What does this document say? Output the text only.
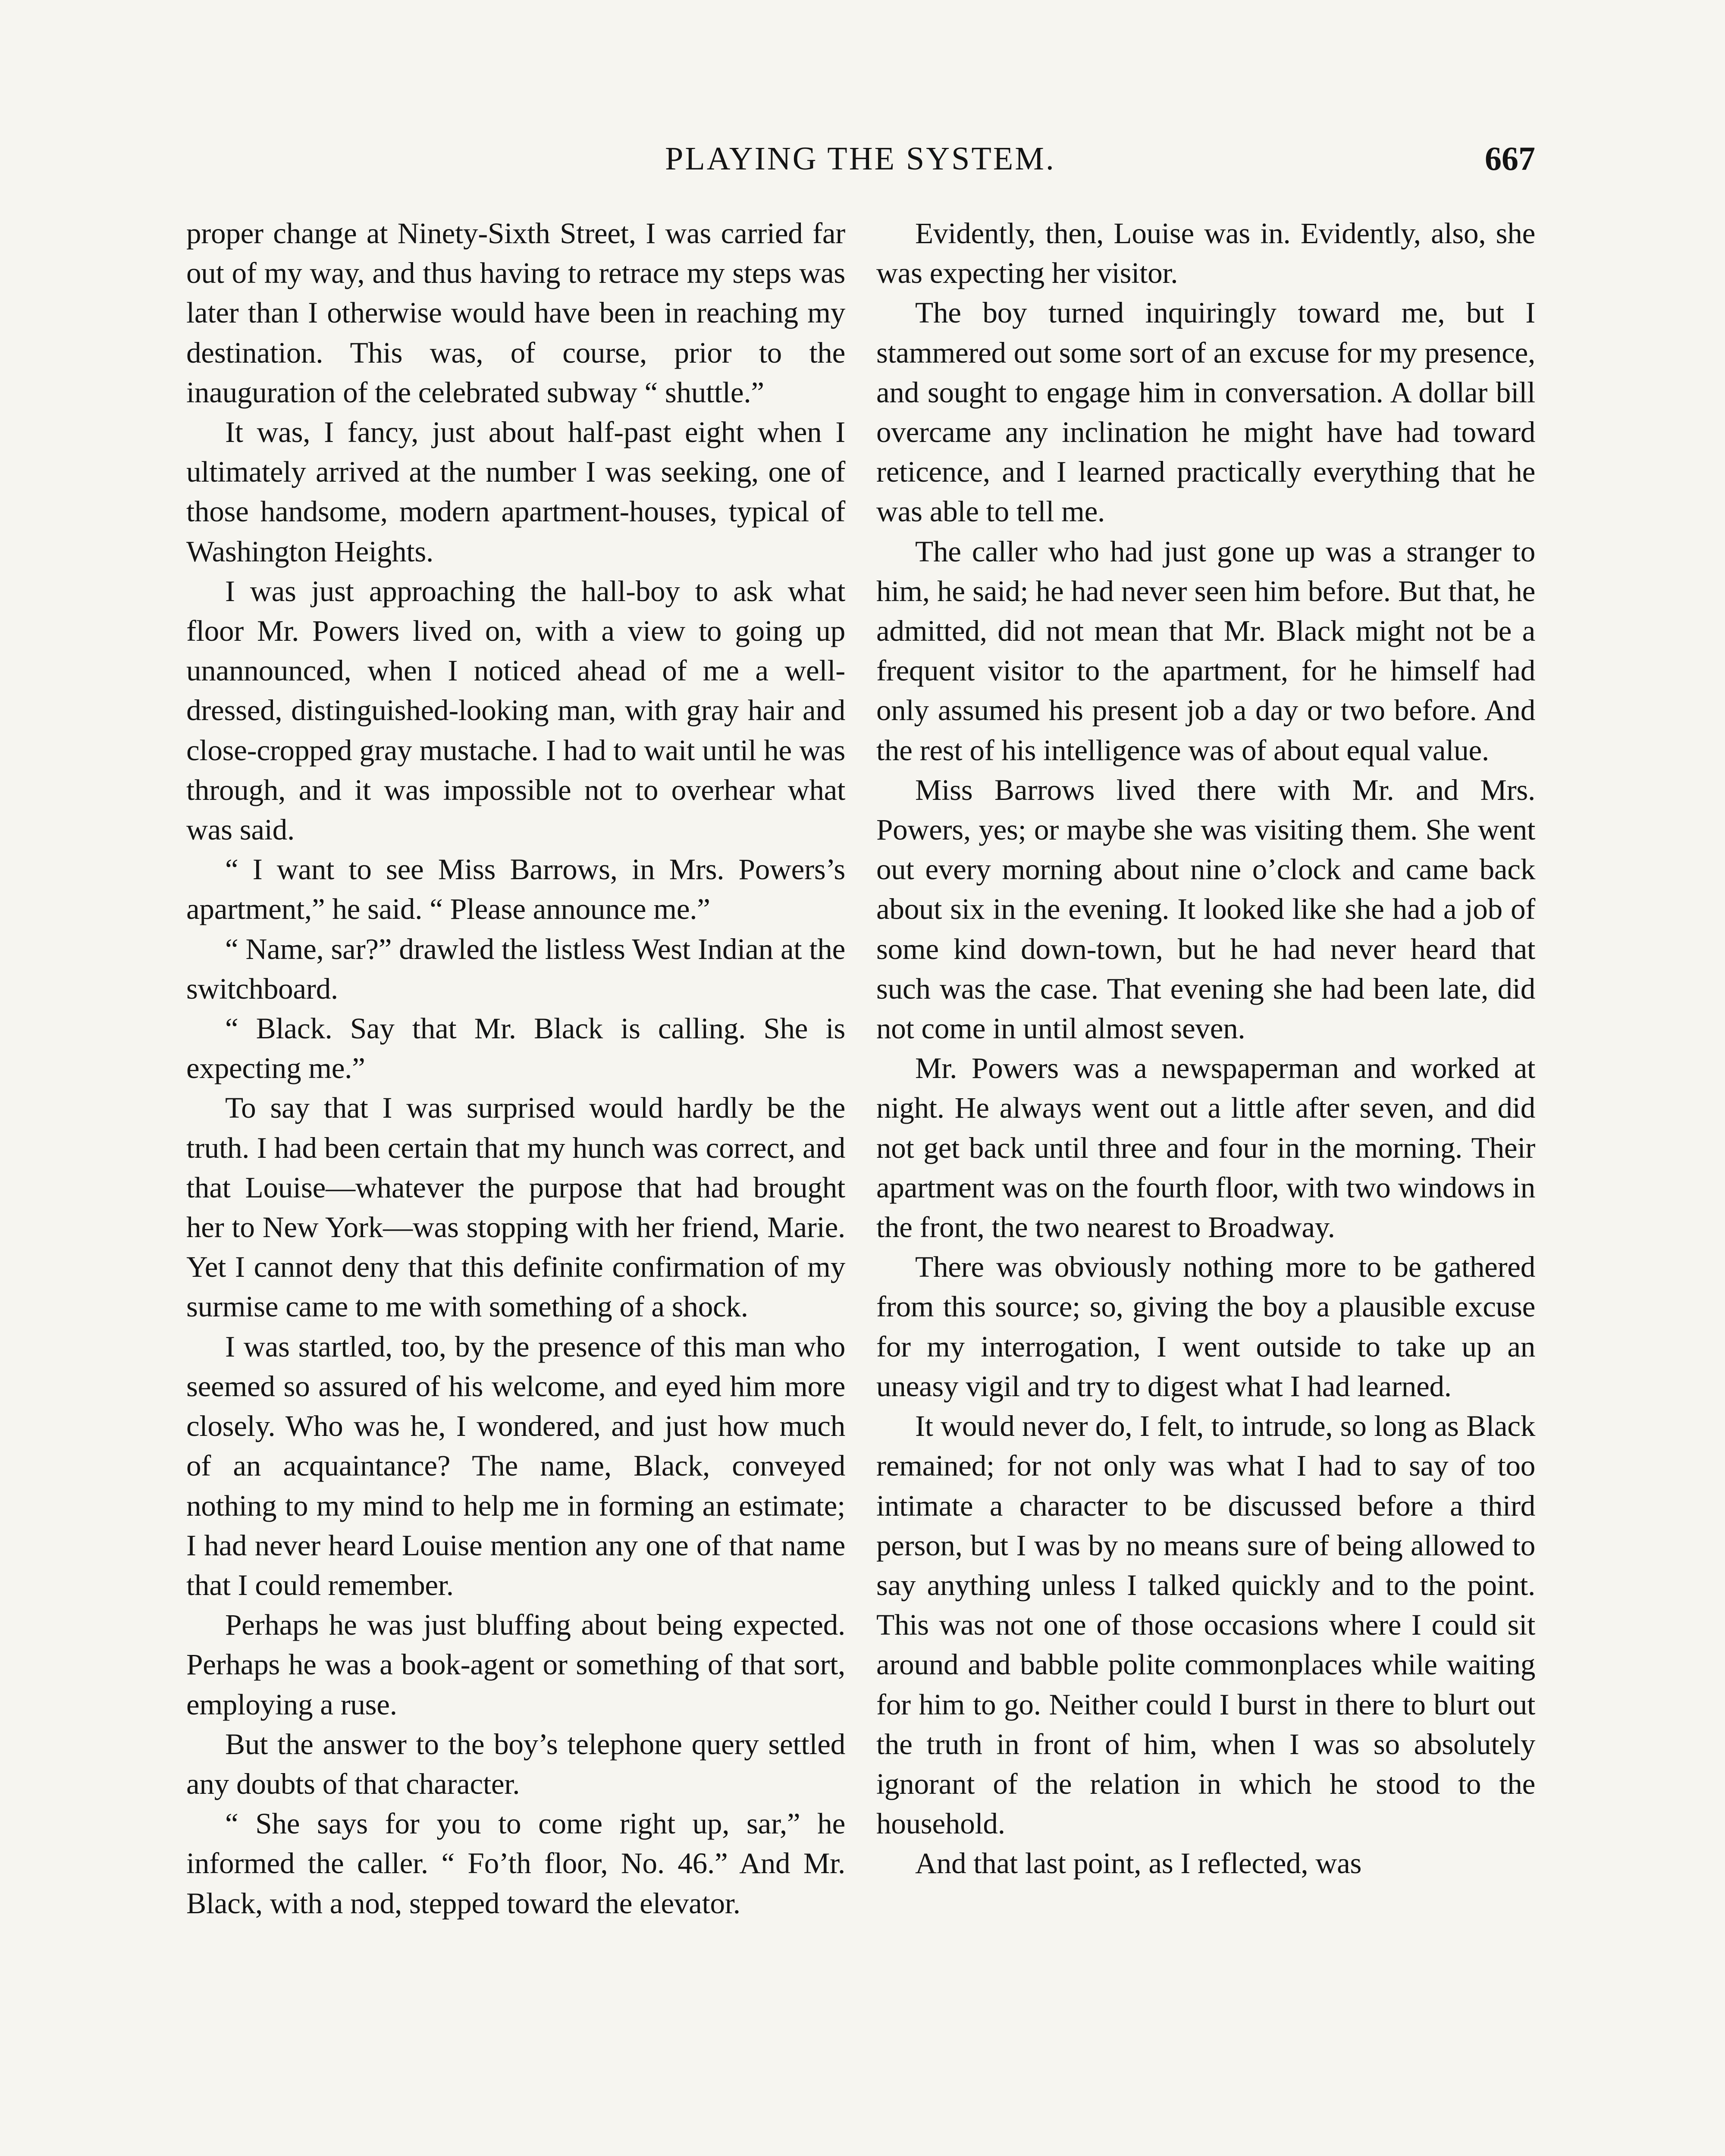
PLAYING THE SYSTEM.	667

proper change at Ninety-Sixth Street, I was carried far out of my way, and thus having to retrace my steps was later than I otherwise would have been in reaching my destination. This was, of course, prior to the inauguration of the celebrated subway “ shuttle.”

It was, I fancy, just about half-past eight when I ultimately arrived at the number I was seeking, one of those handsome, modern apartment-houses, typical of Washington Heights.

I was just approaching the hall-boy to ask what floor Mr. Powers lived on, with a view to going up unannounced, when I noticed ahead of me a well-dressed, distinguished-looking man, with gray hair and close-cropped gray mustache. I had to wait until he was through, and it was impossible not to overhear what was said.

“ I want to see Miss Barrows, in Mrs. Powers’s apartment,” he said. “ Please announce me.”

“ Name, sar?” drawled the listless West Indian at the switchboard.

“ Black. Say that Mr. Black is calling. She is expecting me.”

To say that I was surprised would hardly be the truth. I had been certain that my hunch was correct, and that Louise—whatever the purpose that had brought her to New York—was stopping with her friend, Marie. Yet I cannot deny that this definite confirmation of my surmise came to me with something of a shock.

I was startled, too, by the presence of this man who seemed so assured of his welcome, and eyed him more closely. Who was he, I wondered, and just how much of an acquaintance? The name, Black, conveyed nothing to my mind to help me in forming an estimate; I had never heard Louise mention any one of that name that I could remember.

Perhaps he was just bluffing about being expected. Perhaps he was a book-agent or something of that sort, employing a ruse.

But the answer to the boy’s telephone query settled any doubts of that character.

“ She says for you to come right up, sar,” he informed the caller. “ Fo’th floor, No. 46.” And Mr. Black, with a nod, stepped toward the elevator.

Evidently, then, Louise was in. Evidently, also, she was expecting her visitor.

The boy turned inquiringly toward me, but I stammered out some sort of an excuse for my presence, and sought to engage him in conversation. A dollar bill overcame any inclination he might have had toward reticence, and I learned practically everything that he was able to tell me.

The caller who had just gone up was a stranger to him, he said; he had never seen him before. But that, he admitted, did not mean that Mr. Black might not be a frequent visitor to the apartment, for he himself had only assumed his present job a day or two before. And the rest of his intelligence was of about equal value.

Miss Barrows lived there with Mr. and Mrs. Powers, yes; or maybe she was visiting them. She went out every morning about nine o’clock and came back about six in the evening. It looked like she had a job of some kind down-town, but he had never heard that such was the case. That evening she had been late, did not come in until almost seven.

Mr. Powers was a newspaperman and worked at night. He always went out a little after seven, and did not get back until three and four in the morning. Their apartment was on the fourth floor, with two windows in the front, the two nearest to Broadway.

There was obviously nothing more to be gathered from this source; so, giving the boy a plausible excuse for my interrogation, I went outside to take up an uneasy vigil and try to digest what I had learned.

It would never do, I felt, to intrude, so long as Black remained; for not only was what I had to say of too intimate a character to be discussed before a third person, but I was by no means sure of being allowed to say anything unless I talked quickly and to the point. This was not one of those occasions where I could sit around and babble polite commonplaces while waiting for him to go. Neither could I burst in there to blurt out the truth in front of him, when I was so absolutely ignorant of the relation in which he stood to the household.

And that last point, as I reflected, was
